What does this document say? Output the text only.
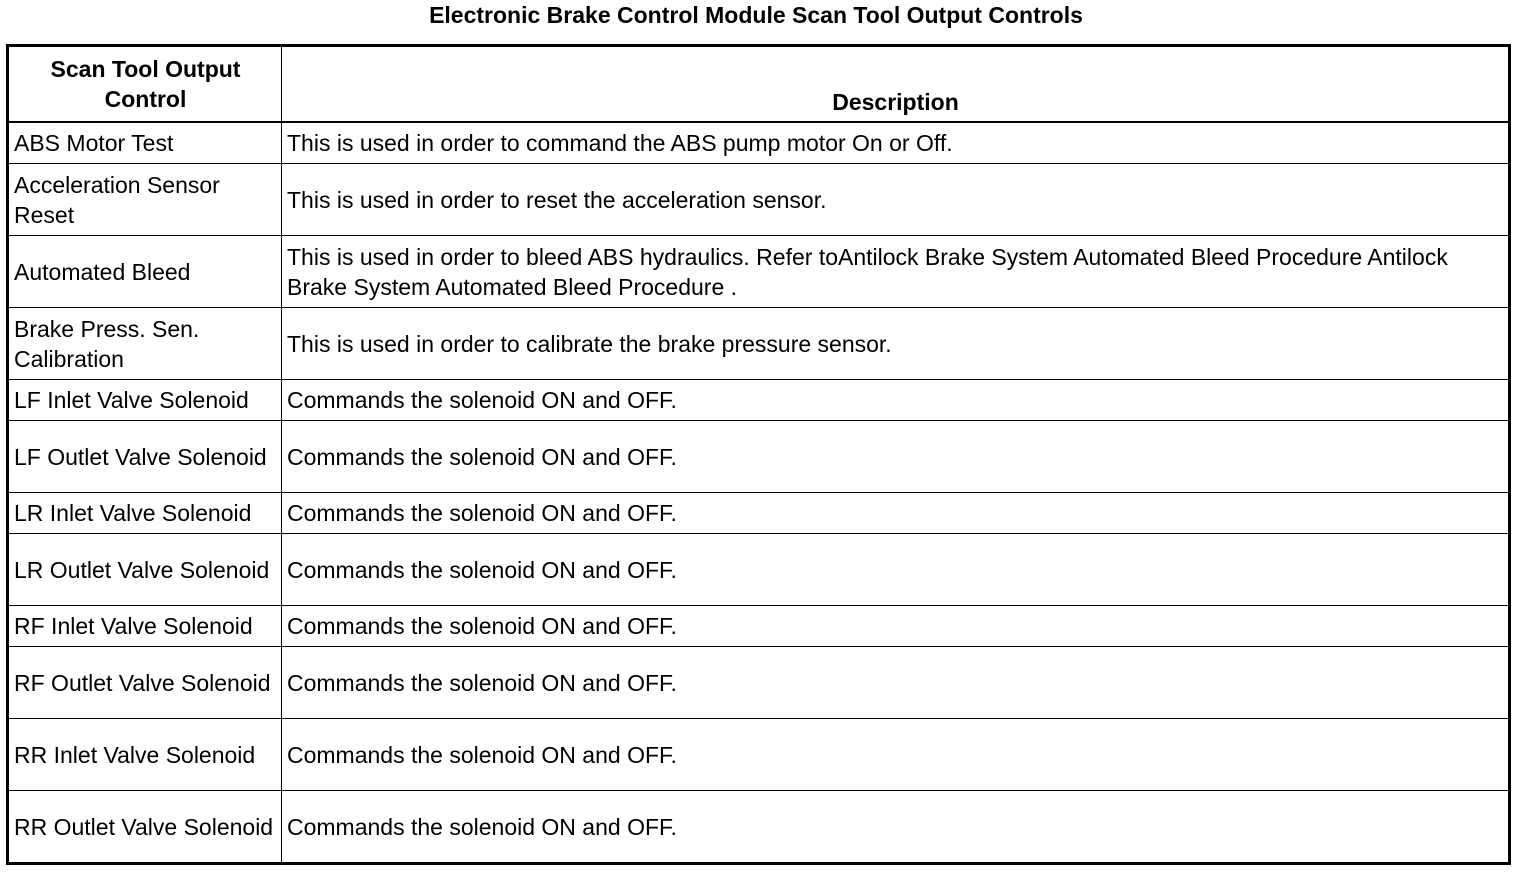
Electronic Brake Control Module Scan Tool Output Controls
Scan Tool Output Control	Description
ABS Motor Test	This is used in order to command the ABS pump motor On or Off.
Acceleration Sensor Reset	This is used in order to reset the acceleration sensor.
Automated Bleed	This is used in order to bleed ABS hydraulics. Refer toAntilock Brake System Automated Bleed Procedure Antilock Brake System Automated Bleed Procedure .
Brake Press. Sen. Calibration	This is used in order to calibrate the brake pressure sensor.
LF Inlet Valve Solenoid	Commands the solenoid ON and OFF.
LF Outlet Valve Solenoid	Commands the solenoid ON and OFF.
LR Inlet Valve Solenoid	Commands the solenoid ON and OFF.
LR Outlet Valve Solenoid	Commands the solenoid ON and OFF.
RF Inlet Valve Solenoid	Commands the solenoid ON and OFF.
RF Outlet Valve Solenoid	Commands the solenoid ON and OFF.
RR Inlet Valve Solenoid	Commands the solenoid ON and OFF.
RR Outlet Valve Solenoid	Commands the solenoid ON and OFF.
